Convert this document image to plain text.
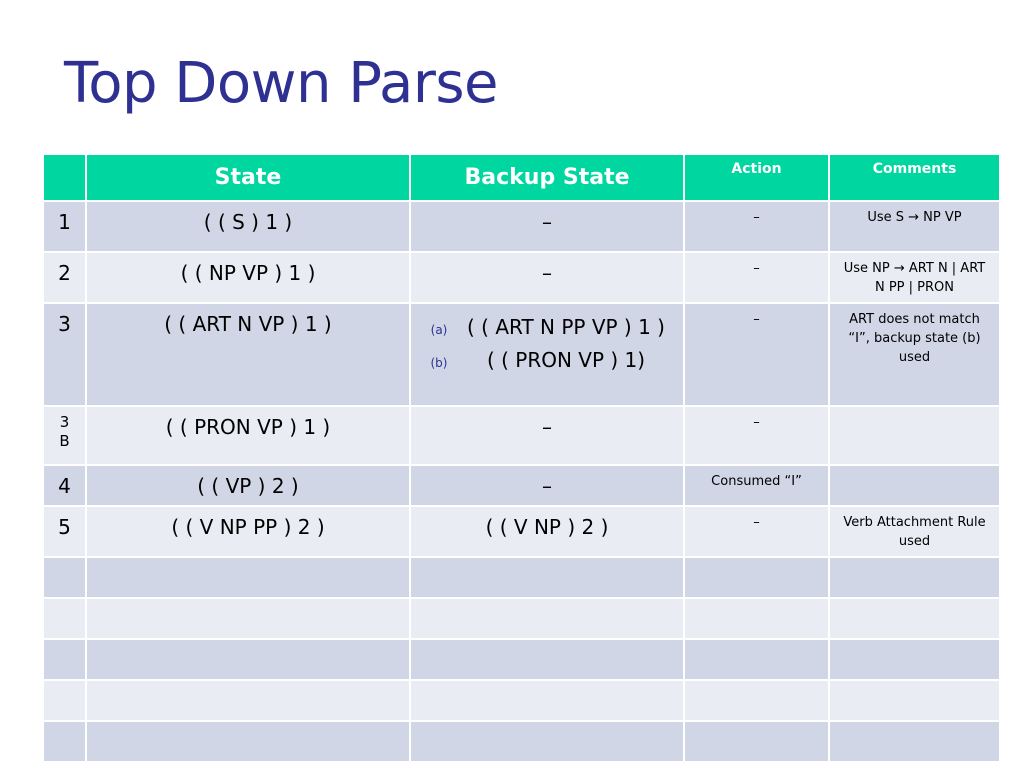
Top Down Parse
	State	Backup State	Action	Comments
1	( ( S ) 1 )	–	–	Use S → NP VP
2	( ( NP VP ) 1 )	–	–	Use NP → ART N | ART N PP | PRON
3	( ( ART N VP ) 1 )	(a) ( ( ART N PP VP ) 1 )
(b) ( ( PRON VP ) 1)	–	ART does not match “I”, backup state (b) used
3 B	( ( PRON VP ) 1 )	–	–	
4	( ( VP ) 2 )	–	Consumed “I”	
5	( ( V NP PP ) 2 )	( ( V NP ) 2 )	–	Verb Attachment Rule used
